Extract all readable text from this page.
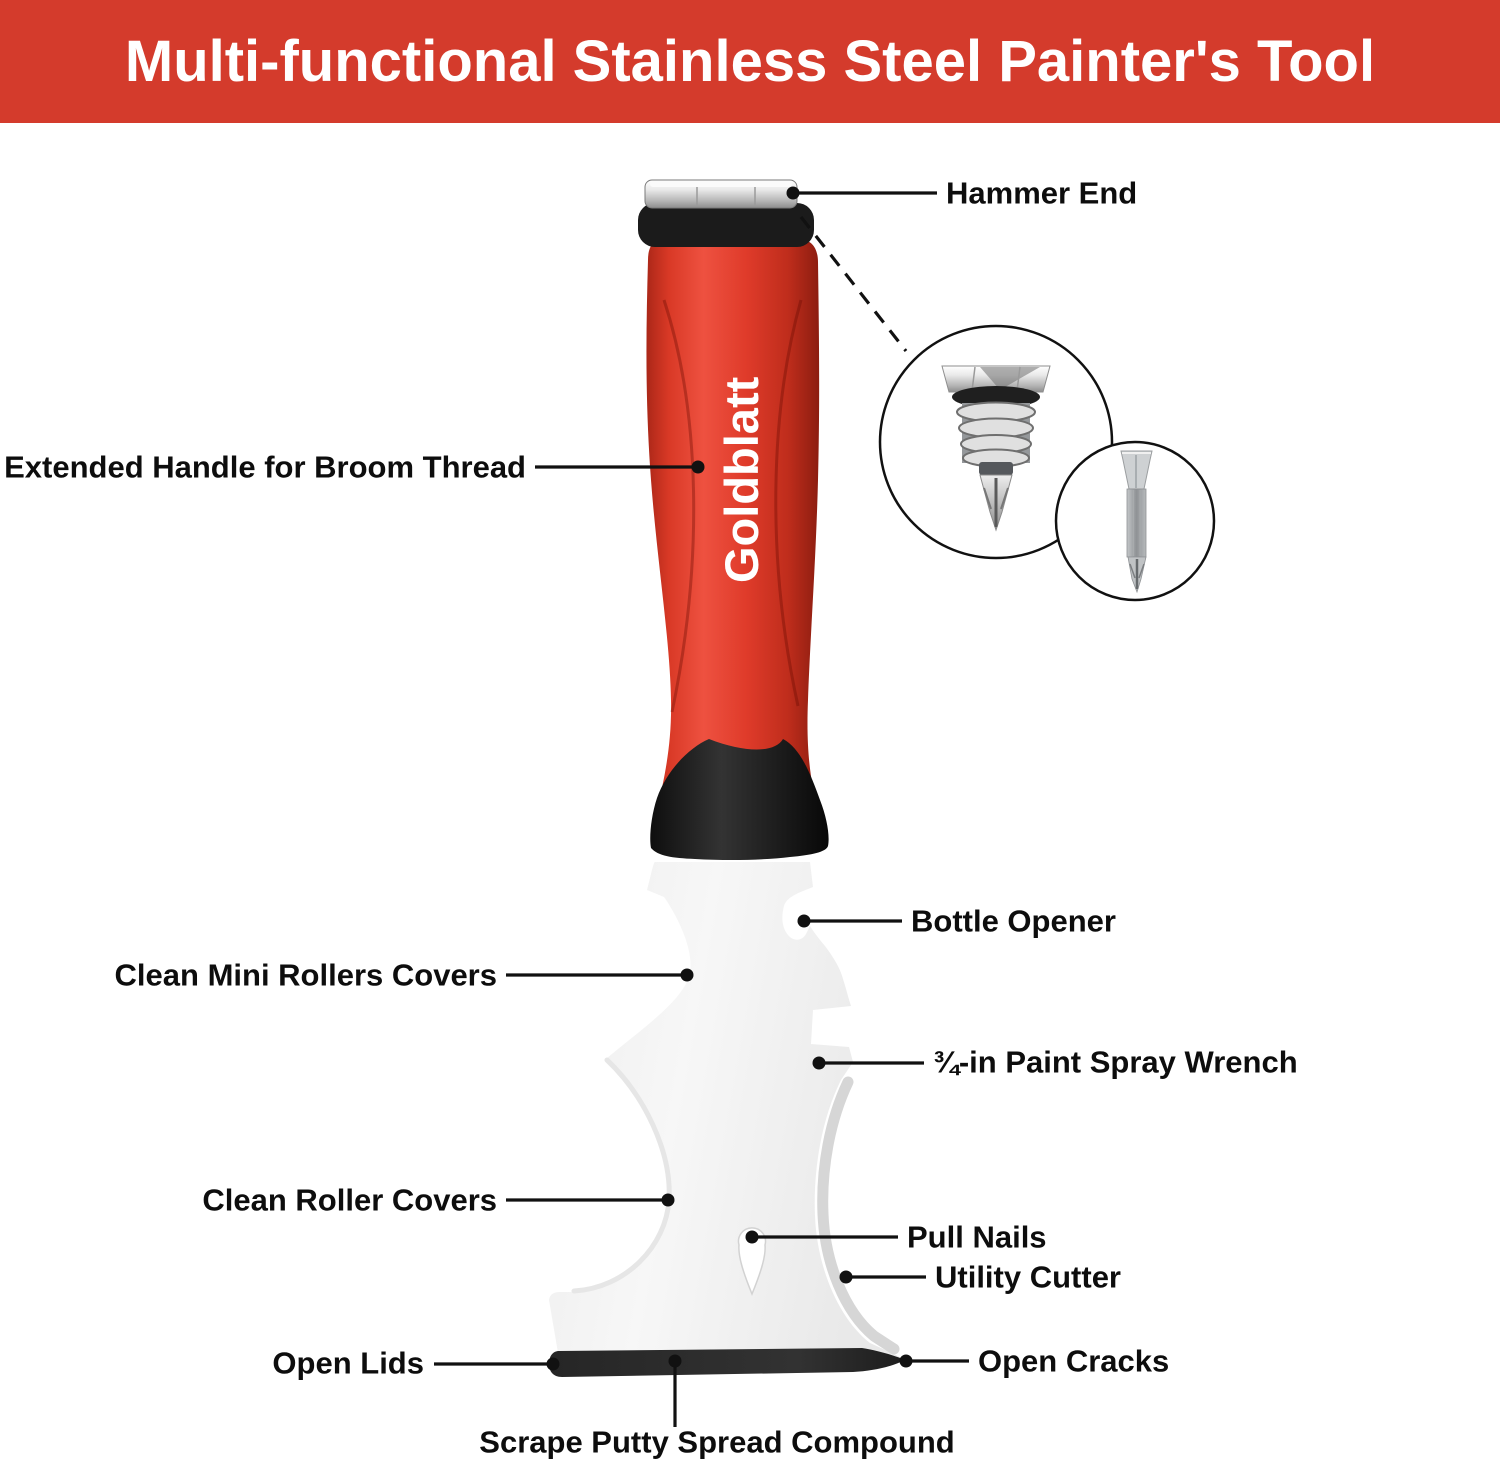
Multi-functional Stainless Steel Painter's Tool
Goldblatt
Hammer End
Extended Handle for Broom Thread
Bottle Opener
Clean Mini Rollers Covers
¾-in Paint Spray Wrench
Clean Roller Covers
Pull Nails
Utility Cutter
Open Lids	Open Cracks
Scrape Putty Spread Compound
